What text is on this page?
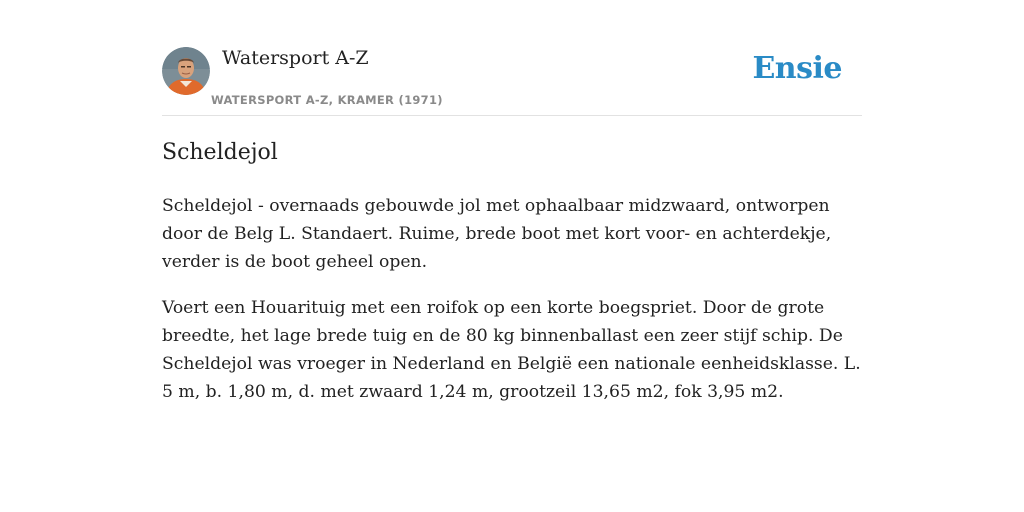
Watersport A-Z
WATERSPORT A-Z, KRAMER (1971)
Ensie
Scheldejol

Scheldejol - overnaads gebouwde jol met ophaalbaar midzwaard, ontworpen door de Belg L. Standaert. Ruime, brede boot met kort voor- en achterdekje, verder is de boot geheel open.

Voert een Houarituig met een roifok op een korte boegspriet. Door de grote breedte, het lage brede tuig en de 80 kg binnenballast een zeer stijf schip. De Scheldejol was vroeger in Nederland en België een nationale eenheidsklasse. L. 5 m, b. 1,80 m, d. met zwaard 1,24 m, grootzeil 13,65 m2, fok 3,95 m2.
